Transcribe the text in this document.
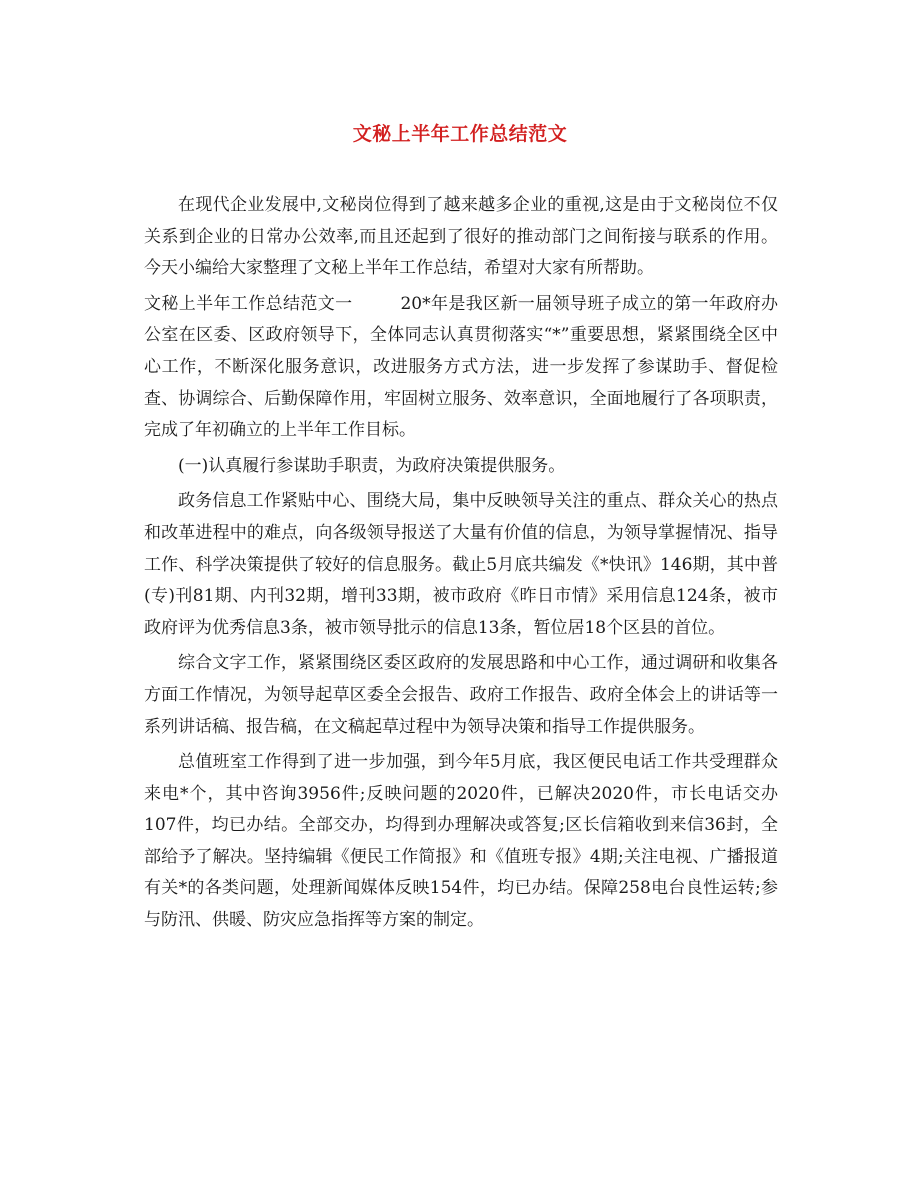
文秘上半年工作总结范文

在现代企业发展中,文秘岗位得到了越来越多企业的重视,这是由于文秘岗位不仅关系到企业的日常办公效率,而且还起到了很好的推动部门之间衔接与联系的作用。今天小编给大家整理了文秘上半年工作总结，希望对大家有所帮助。

文秘上半年工作总结范文一	20*年是我区新一届领导班子成立的第一年政府办公室在区委、区政府领导下，全体同志认真贯彻落实“*”重要思想，紧紧围绕全区中心工作，不断深化服务意识，改进服务方式方法，进一步发挥了参谋助手、督促检查、协调综合、后勤保障作用，牢固树立服务、效率意识，全面地履行了各项职责，完成了年初确立的上半年工作目标。

(一)认真履行参谋助手职责，为政府决策提供服务。

政务信息工作紧贴中心、围绕大局，集中反映领导关注的重点、群众关心的热点和改革进程中的难点，向各级领导报送了大量有价值的信息，为领导掌握情况、指导工作、科学决策提供了较好的信息服务。截止5月底共编发《*快讯》146期，其中普(专)刊81期、内刊32期，增刊33期，被市政府《昨日市情》采用信息124条，被市政府评为优秀信息3条，被市领导批示的信息13条，暂位居18个区县的首位。

综合文字工作，紧紧围绕区委区政府的发展思路和中心工作，通过调研和收集各方面工作情况，为领导起草区委全会报告、政府工作报告、政府全体会上的讲话等一系列讲话稿、报告稿，在文稿起草过程中为领导决策和指导工作提供服务。

总值班室工作得到了进一步加强，到今年5月底，我区便民电话工作共受理群众来电*个，其中咨询3956件;反映问题的2020件，已解决2020件，市长电话交办107件，均已办结。全部交办，均得到办理解决或答复;区长信箱收到来信36封，全部给予了解决。坚持编辑《便民工作简报》和《值班专报》4期;关注电视、广播报道有关*的各类问题，处理新闻媒体反映154件，均已办结。保障258电台良性运转;参与防汛、供暖、防灾应急指挥等方案的制定。
